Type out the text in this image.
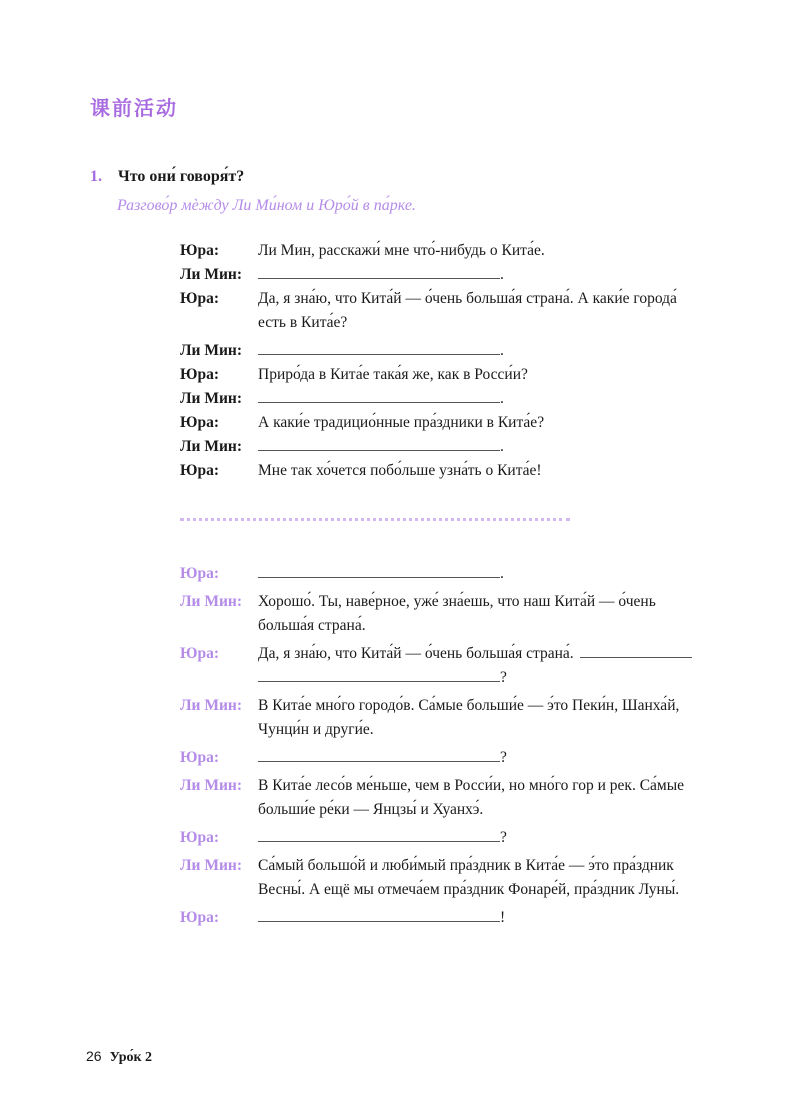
课前活动
1. Что они́ говоря́т?
Разгово́р мѐжду Ли Ми́ном и Юро́й в па́рке.
Юра:	Ли Мин, расскажи́ мне что́-нибудь о Кита́е.
Ли Мин:	.
Юра:	Да, я зна́ю, что Кита́й — о́чень больша́я страна́. А каки́е города́
есть в Кита́е?
Ли Мин:	.
Юра:	Приро́да в Кита́е така́я же, как в Росси́и?
Ли Мин:	.
Юра:	А каки́е традицио́нные пра́здники в Кита́е?
Ли Мин:	.
Юра:	Мне так хо́чется побо́льше узна́ть о Кита́е!
Юра:	.
Ли Мин:	Хорошо́. Ты, наве́рное, уже́ зна́ешь, что наш Кита́й — о́чень
больша́я страна́.
Юра:	Да, я зна́ю, что Кита́й — о́чень больша́я страна́.
?
Ли Мин:	В Кита́е мно́го городо́в. Са́мые больши́е — э́то Пеки́н, Шанха́й,
Чунци́н и други́е.
Юра:	?
Ли Мин:	В Кита́е лесо́в ме́ньше, чем в Росси́и, но мно́го гор и рек. Са́мые
больши́е ре́ки — Янцзы́ и Хуанхэ́.
Юра:	?
Ли Мин:	Са́мый большо́й и люби́мый пра́здник в Кита́е — э́то пра́здник
Весны́. А ещё мы отмеча́ем пра́здник Фонаре́й, пра́здник Луны́.
Юра:	!
26 Уро́к 2
